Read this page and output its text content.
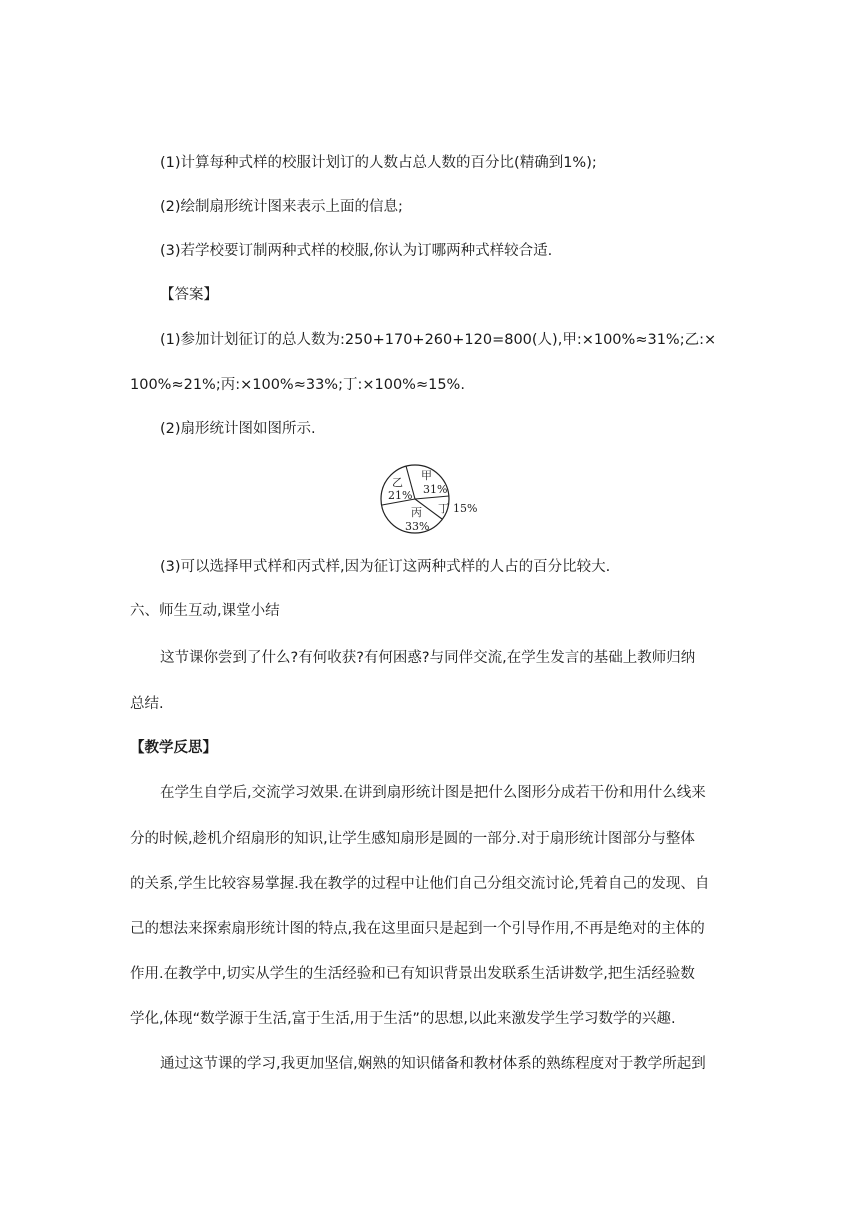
(1)计算每种式样的校服计划订的人数占总人数的百分比(精确到1%);
(2)绘制扇形统计图来表示上面的信息;
(3)若学校要订制两种式样的校服,你认为订哪两种式样较合适.
【答案】
(1)参加计划征订的总人数为:250+170+260+120=800(人),甲:×100%≈31%;乙:×
100%≈21%;丙:×100%≈33%;丁:×100%≈15%.
(2)扇形统计图如图所示.
甲
31%
乙
21%
丙
33%
丁 15%
(3)可以选择甲式样和丙式样,因为征订这两种式样的人占的百分比较大.
六、师生互动,课堂小结
这节课你尝到了什么?有何收获?有何困惑?与同伴交流,在学生发言的基础上教师归纳
总结.
【教学反思】
在学生自学后,交流学习效果.在讲到扇形统计图是把什么图形分成若干份和用什么线来
分的时候,趁机介绍扇形的知识,让学生感知扇形是圆的一部分.对于扇形统计图部分与整体
的关系,学生比较容易掌握.我在教学的过程中让他们自己分组交流讨论,凭着自己的发现、自
己的想法来探索扇形统计图的特点,我在这里面只是起到一个引导作用,不再是绝对的主体的
作用.在教学中,切实从学生的生活经验和已有知识背景出发联系生活讲数学,把生活经验数
学化,体现“数学源于生活,富于生活,用于生活”的思想,以此来激发学生学习数学的兴趣.
通过这节课的学习,我更加坚信,娴熟的知识储备和教材体系的熟练程度对于教学所起到
